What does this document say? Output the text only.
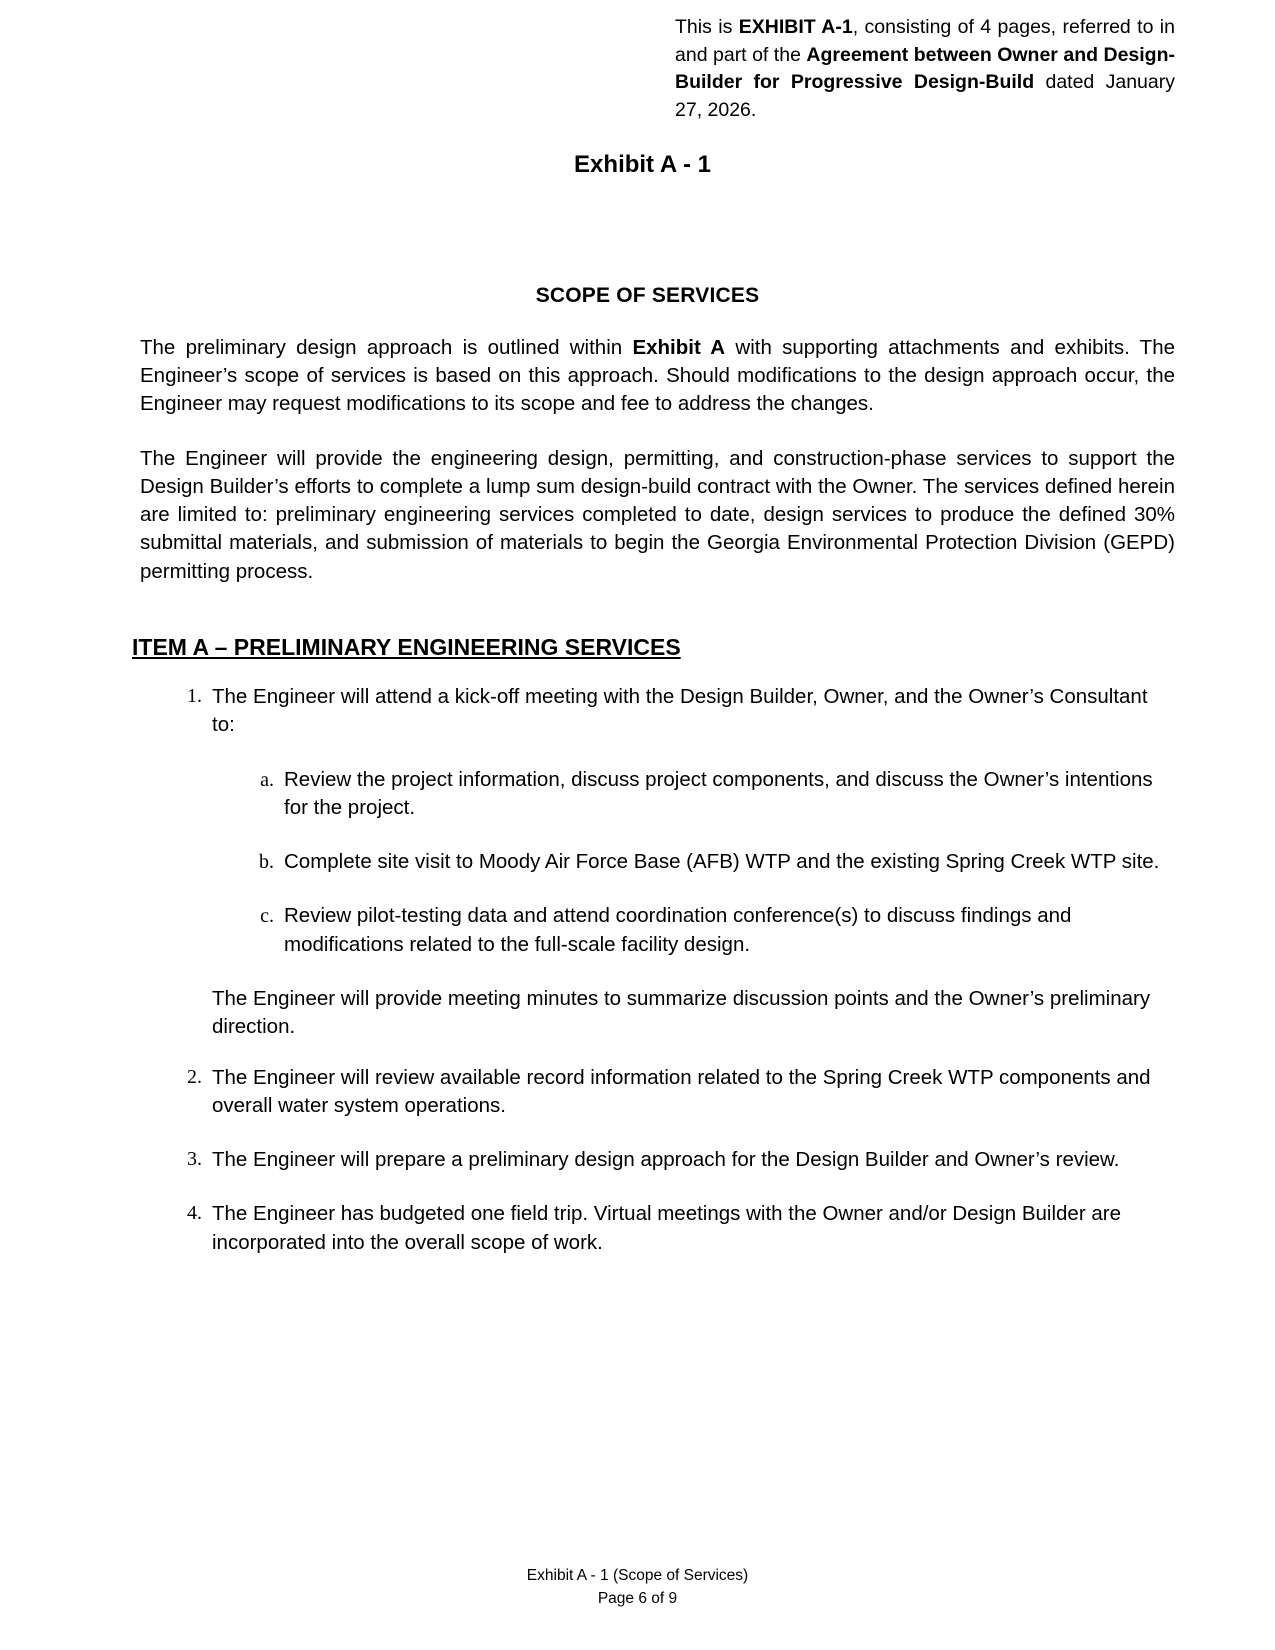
This is EXHIBIT A-1, consisting of 4 pages, referred to in and part of the Agreement between Owner and Design-Builder for Progressive Design-Build dated January 27, 2026.
Exhibit A - 1
SCOPE OF SERVICES

The preliminary design approach is outlined within Exhibit A with supporting attachments and exhibits. The Engineer’s scope of services is based on this approach. Should modifications to the design approach occur, the Engineer may request modifications to its scope and fee to address the changes.

The Engineer will provide the engineering design, permitting, and construction-phase services to support the Design Builder’s efforts to complete a lump sum design-build contract with the Owner. The services defined herein are limited to: preliminary engineering services completed to date, design services to produce the defined 30% submittal materials, and submission of materials to begin the Georgia Environmental Protection Division (GEPD) permitting process.

ITEM A – PRELIMINARY ENGINEERING SERVICES
1. The Engineer will attend a kick-off meeting with the Design Builder, Owner, and the Owner’s Consultant to:
a. Review the project information, discuss project components, and discuss the Owner’s intentions for the project.
b. Complete site visit to Moody Air Force Base (AFB) WTP and the existing Spring Creek WTP site.
c. Review pilot-testing data and attend coordination conference(s) to discuss findings and modifications related to the full-scale facility design.

The Engineer will provide meeting minutes to summarize discussion points and the Owner’s preliminary direction.

2. The Engineer will review available record information related to the Spring Creek WTP components and overall water system operations.
3. The Engineer will prepare a preliminary design approach for the Design Builder and Owner’s review.
4. The Engineer has budgeted one field trip. Virtual meetings with the Owner and/or Design Builder are incorporated into the overall scope of work.
Exhibit A - 1 (Scope of Services)
Page 6 of 9
